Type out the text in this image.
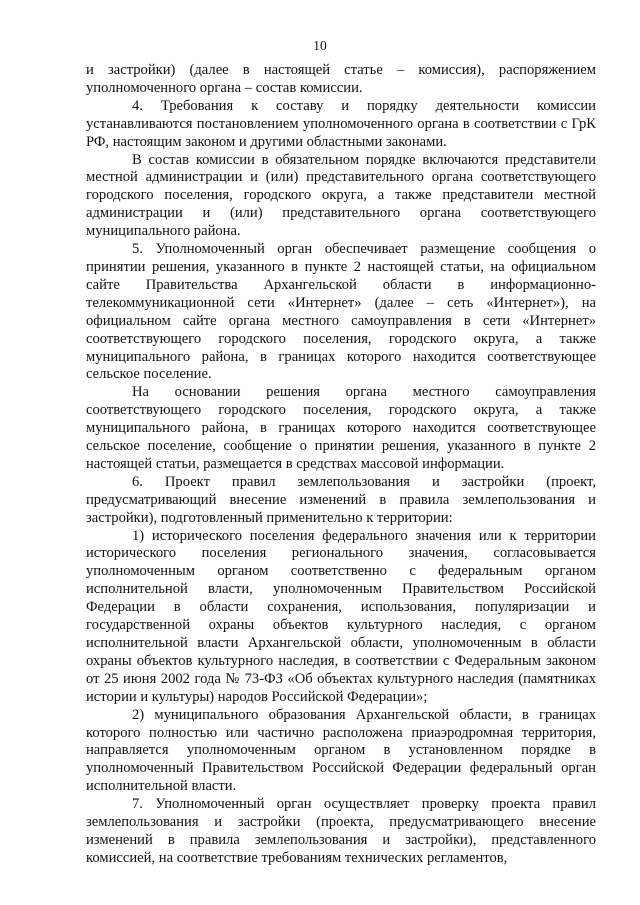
10

и застройки) (далее в настоящей статье – комиссия), распоряжением уполномоченного органа – состав комиссии.

4. Требования к составу и порядку деятельности комиссии устанавливаются постановлением уполномоченного органа в соответствии с ГрК РФ, настоящим законом и другими областными законами.

В состав комиссии в обязательном порядке включаются представители местной администрации и (или) представительного органа соответствующего городского поселения, городского округа, а также представители местной администрации и (или) представительного органа соответствующего муниципального района.

5. Уполномоченный орган обеспечивает размещение сообщения о принятии решения, указанного в пункте 2 настоящей статьи, на официальном сайте Правительства Архангельской области в информационно-телекоммуникационной сети «Интернет» (далее – сеть «Интернет»), на официальном сайте органа местного самоуправления в сети «Интернет» соответствующего городского поселения, городского округа, а также муниципального района, в границах которого находится соответствующее сельское поселение.

На основании решения органа местного самоуправления соответствующего городского поселения, городского округа, а также муниципального района, в границах которого находится соответствующее сельское поселение, сообщение о принятии решения, указанного в пункте 2 настоящей статьи, размещается в средствах массовой информации.

6. Проект правил землепользования и застройки (проект, предусматривающий внесение изменений в правила землепользования и застройки), подготовленный применительно к территории:

1) исторического поселения федерального значения или к территории исторического поселения регионального значения, согласовывается уполномоченным органом соответственно с федеральным органом исполнительной власти, уполномоченным Правительством Российской Федерации в области сохранения, использования, популяризации и государственной охраны объектов культурного наследия, с органом исполнительной власти Архангельской области, уполномоченным в области охраны объектов культурного наследия, в соответствии с Федеральным законом от 25 июня 2002 года № 73-ФЗ «Об объектах культурного наследия (памятниках истории и культуры) народов Российской Федерации»;

2) муниципального образования Архангельской области, в границах которого полностью или частично расположена приаэродромная территория, направляется уполномоченным органом в установленном порядке в уполномоченный Правительством Российской Федерации федеральный орган исполнительной власти.

7. Уполномоченный орган осуществляет проверку проекта правил землепользования и застройки (проекта, предусматривающего внесение изменений в правила землепользования и застройки), представленного комиссией, на соответствие требованиям технических регламентов,
